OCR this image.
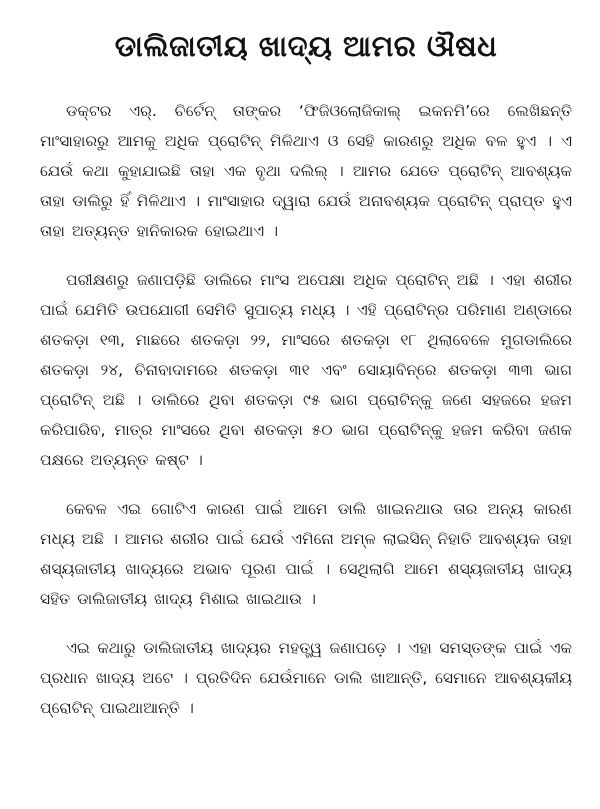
ଡାଲିଜାତୀୟ ଖାଦ୍ୟ ଆମର ଔଷଧ

ଡକ୍ଟର ଏର୍. ଚିର୍ଟେନ୍ ତାଙ୍କର ‘ଫିଜିଓଲୋଜିକାଲ୍ ଇକନମି’ରେ ଲେଖିଛନ୍ତି ମାଂସାହାରରୁ ଆମକୁ ଅଧିକ ପ୍ରୋଟିନ୍ ମିଳିଥାଏ ଓ ସେହି କାରଣରୁ ଅଧିକ ବଳ ହୁଏ । ଏ ଯେଉଁ କଥା କୁହାଯାଇଛି ତାହା ଏକ ବୃଥା ଦଲିଲ୍ । ଆମର ଯେତେ ପ୍ରୋଟିନ୍ ଆବଶ୍ୟକ ତାହା ଡାଲିରୁ ହିଁ ମିଳିଥାଏ । ମାଂସାହାର ଦ୍ୱାରା ଯେଉଁ ଅନାବଶ୍ୟକ ପ୍ରୋଟିନ୍ ପ୍ରାପ୍ତ ହୁଏ ତାହା ଅତ୍ୟନ୍ତ ହାନିକାରକ ହୋଇଥାଏ ।

ପରୀକ୍ଷଣରୁ ଜଣାପଡ଼ିଛି ଡାଲିରେ ମାଂସ ଅପେକ୍ଷା ଅଧିକ ପ୍ରୋଟିନ୍ ଅଛି । ଏହା ଶରୀର ପାଇଁ ଯେମିତି ଉପଯୋଗୀ ସେମିତି ସୁପାଚ୍ୟ ମଧ୍ୟ । ଏହି ପ୍ରୋଟିନ୍‌ର ପରିମାଣ ଅଣ୍ଡାରେ ଶତକଡ଼ା ୧୩, ମାଛରେ ଶତକଡ଼ା ୨୨, ମାଂସରେ ଶତକଡ଼ା ୧୮ ଥିଲାବେଳେ ମୁଗଡାଲିରେ ଶତକଡ଼ା ୨୪, ଚିନାବାଦାମରେ ଶତକଡ଼ା ୩୧ ଏବଂ ସୋୟାବିନ୍‌ରେ ଶତକଡ଼ା ୩୩ ଭାଗ ପ୍ରୋଟିନ୍ ଅଛି । ଡାଲିରେ ଥିବା ଶତକଡ଼ା ୯୫ ଭାଗ ପ୍ରୋଟିନ୍‌କୁ ଜଣେ ସହଜରେ ହଜମ କରିପାରିବ, ମାତ୍ର ମାଂସରେ ଥିବା ଶତକଡ଼ା ୫୦ ଭାଗ ପ୍ରୋଟିନ୍‌କୁ ହଜମ କରିବା ଜଣକ ପକ୍ଷରେ ଅତ୍ୟନ୍ତ କଷ୍ଟ ।

କେବଳ ଏଇ ଗୋଟିଏ କାରଣ ପାଇଁ ଆମେ ଡାଲି ଖାଇନଥାଉ ତାର ଅନ୍ୟ କାରଣ ମଧ୍ୟ ଅଛି । ଆମର ଶରୀର ପାଇଁ ଯେଉଁ ଏମିନୋ ଅମ୍ଳ ଲାଇସିନ୍ ନିହାତି ଆବଶ୍ୟକ ତାହା ଶସ୍ୟଜାତୀୟ ଖାଦ୍ୟରେ ଅଭାବ ପୂରଣ ପାଇଁ । ସେଥିଲାଗି ଆମେ ଶସ୍ୟଜାତୀୟ ଖାଦ୍ୟ ସହିତ ଡାଲିଜାତୀୟ ଖାଦ୍ୟ ମିଶାଇ ଖାଇଥାଉ ।

ଏଇ କଥାରୁ ଡାଲିଜାତୀୟ ଖାଦ୍ୟର ମହତ୍ତ୍ୱ ଜଣାପଡ଼େ । ଏହା ସମସ୍ତଙ୍କ ପାଇଁ ଏକ ପ୍ରଧାନ ଖାଦ୍ୟ ଅଟେ । ପ୍ରତିଦିନ ଯେଉଁମାନେ ଡାଲି ଖାଆନ୍ତି, ସେମାନେ ଆବଶ୍ୟକୀୟ ପ୍ରୋଟିନ୍ ପାଇଥାଆନ୍ତି ।
